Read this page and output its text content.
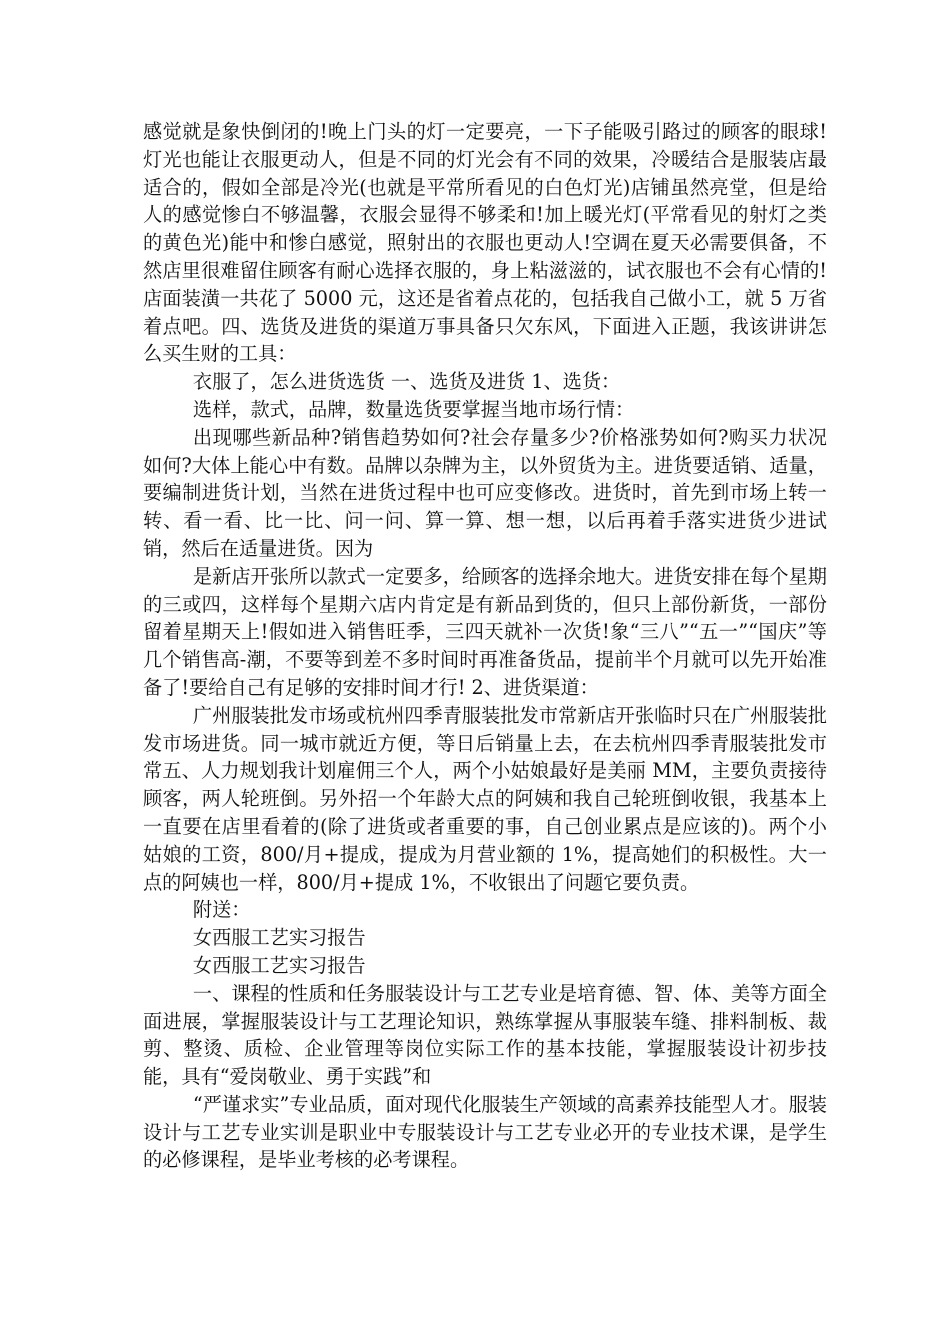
感觉就是象快倒闭的!晚上门头的灯一定要亮，一下子能吸引路过的顾客的眼球!灯光也能让衣服更动人，但是不同的灯光会有不同的效果，冷暖结合是服装店最适合的，假如全部是冷光(也就是平常所看见的白色灯光)店铺虽然亮堂，但是给人的感觉惨白不够温馨，衣服会显得不够柔和!加上暖光灯(平常看见的射灯之类的黄色光)能中和惨白感觉，照射出的衣服也更动人!空调在夏天必需要俱备，不然店里很难留住顾客有耐心选择衣服的，身上粘滋滋的，试衣服也不会有心情的!店面装潢一共花了 5000 元，这还是省着点花的，包括我自己做小工，就 5 万省着点吧。四、选货及进货的渠道万事具备只欠东风，下面进入正题，我该讲讲怎么买生财的工具：

衣服了，怎么进货选货 一、选货及进货 1、选货：

选样，款式，品牌，数量选货要掌握当地市场行情：

出现哪些新品种?销售趋势如何?社会存量多少?价格涨势如何?购买力状况如何?大体上能心中有数。品牌以杂牌为主，以外贸货为主。进货要适销、适量，要编制进货计划，当然在进货过程中也可应变修改。进货时，首先到市场上转一转、看一看、比一比、问一问、算一算、想一想，以后再着手落实进货少进试销，然后在适量进货。因为

是新店开张所以款式一定要多，给顾客的选择余地大。进货安排在每个星期的三或四，这样每个星期六店内肯定是有新品到货的，但只上部份新货，一部份留着星期天上!假如进入销售旺季，三四天就补一次货!象“三八”“五一”“国庆”等几个销售高-潮，不要等到差不多时间时再准备货品，提前半个月就可以先开始准备了!要给自己有足够的安排时间才行! 2、进货渠道：

广州服装批发市场或杭州四季青服装批发市常新店开张临时只在广州服装批发市场进货。同一城市就近方便，等日后销量上去，在去杭州四季青服装批发市常五、人力规划我计划雇佣三个人，两个小姑娘最好是美丽 MM，主要负责接待顾客，两人轮班倒。另外招一个年龄大点的阿姨和我自己轮班倒收银，我基本上一直要在店里看着的(除了进货或者重要的事，自己创业累点是应该的)。两个小姑娘的工资，800/月+提成，提成为月营业额的 1%，提高她们的积极性。大一点的阿姨也一样，800/月+提成 1%，不收银出了问题它要负责。

附送：

女西服工艺实习报告

女西服工艺实习报告

一、课程的性质和任务服装设计与工艺专业是培育德、智、体、美等方面全面进展，掌握服装设计与工艺理论知识，熟练掌握从事服装车缝、排料制板、裁剪、整烫、质检、企业管理等岗位实际工作的基本技能，掌握服装设计初步技能，具有“爱岗敬业、勇于实践”和

“严谨求实”专业品质，面对现代化服装生产领域的高素养技能型人才。服装设计与工艺专业实训是职业中专服装设计与工艺专业必开的专业技术课，是学生的必修课程，是毕业考核的必考课程。
